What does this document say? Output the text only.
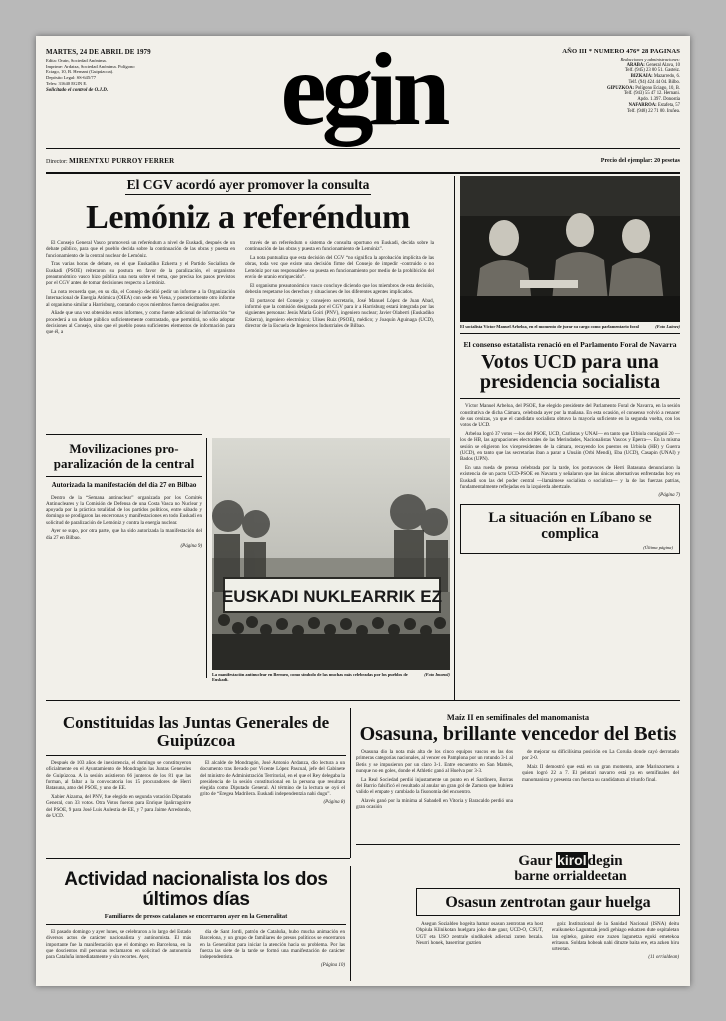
MARTES, 24 DE ABRIL DE 1979
Edita: Orain, Sociedad Anónima.
Imprime: Ardatza, Sociedad Anónima. Polígono
Eciago, 10, B. Hernani (Guipúzcoa).
Depósito Legal: SS-645/77
Telex: 31640 EGIN E.
Solicitado el control de O.J.D.	egin	AÑO III * NUMERO 476* 28 PAGINAS
Redacciones y administraciones:
ARABA: General Alava, 10
Telf. (945) 23 00 51. Gasteiz.
BIZKAIA: Mazarredo, 6.
Telf. (94) 424 44 04. Bilbo.
GIPUZKOA: Polígono Eciago, 10, B.
Telf. (943) 55 47 12. Hernani.
Apdo. 1.397. Donostia
NAFARROA: Estafeta, 57
Telf. (948) 22 71 00. Iruñea.
Director: MIRENTXU PURROY FERRER	Precio del ejemplar: 20 pesetas
El CGV acordó ayer promover la consulta
Lemóniz a referéndum

El Consejo General Vasco promoverá un referéndum a nivel de Euskadi, después de un debate público, para que el pueblo decida sobre la continuación de las obras y puesta en funcionamiento de la central nuclear de Lemóniz.

Tras varias horas de debate, en el que Euskadiko Ezkerra y el Partido Socialista de Euskadi (PSOE) reiteraron su postura en favor de la paralización, el organismo preautonómico vasco hizo pública una nota sobre el tema, que precisa los pasos previstos por el CGV antes de tomar decisiones respecto a Lemóniz.

La nota recuerda que, en su día, el Consejo decidió pedir un informe a la Organización Internacional de Energía Atómica (OIEA) con sede en Viena, y posteriormente otro informe al organismo similar a Harrisburg, contando cuyos miembros fueron designados ayer.

Añade que una vez obtenidos estos informes, y como fuente adicional de información “se procederá a un debate público suficientemente contrastado, que permitirá, no sólo adoptar decisiones al Consejo, sino que el pueblo posea suficientes elementos de información para que él, a

través de un referéndum o sistema de consulta oportuno en Euskadi, decida sobre la continuación de las obras y puesta en funcionamiento de Lemóniz”.

La nota puntualiza que esta decisión del CGV “no significa la aprobación implícita de las obras, toda vez que existe una decisión firme del Consejo de impedir -contruido o no Lemóniz por sus responsables- su puesta en funcionamiento por medio de la prohibición del envío de uranio enriquecido”.

El organismo preautonómico vasco concluye diciendo que los miembros de esta decisión, deberán respetarse los derechos y situaciones de los diferentes agentes implicados.

El portavoz del Consejo y consejero secretario, José Manuel López de Juan Abad, informó que la comisión designada por el CGV para ir a Harrisburg estará integrada por las siguientes personas: Jesús María Goiri (PNV), ingeniero nuclear; Javier Olaberri (Euskadiko Ezkerra), ingeniero electrónico; Ulises Ruiz (PSOE), médico; y Joaquín Aguinaga (UCD), director de la Escuela de Ingenieros Industriales de Bilbao.

Movilizaciones pro-paralización de la central
Autorizada la manifestación del día 27 en Bilbao

Dentro de la “Semana antinuclear” organizada por los Comités Antinucleares y la Comisión de Defensa de una Costa Vasca no Nuclear y apoyada por la práctica totalidad de los partidos políticos, entre sábado y domingo se prodigaron las encerronas y manifestaciones en todo Euskadi en solicitud de paralización de Lemóniz y contra la energía nuclear.

Ayer se supo, por otra parte, que ha sido autorizada la manifestación del día 27 en Bilbao.

(Página 9)
EUSKADI NUKLEARRIK EZ
(Foto Imanol)
La manifestación antinuclear en Bermeo, como símbolo de las muchas más celebradas por los pueblos de Euskadi.
(Foto Lainez)
El socialista Víctor Manuel Arbeloa, en el momento de jurar su cargo como parlamentario foral
El consenso estatalista renació en el Parlamento Foral de Navarra
Votos UCD para una presidencia socialista

Víctor Manuel Arbeloa, del PSOE, fue elegido presidente del Parlamento Foral de Navarra, en la sesión constitutiva de dicha Cámara, celebrada ayer por la mañana. En esta ocasión, el consenso volvió a renacer de sus cenizas, ya que el candidato socialista obtuvo la mayoría suficiente en la segunda vuelta, con los votos de UCD.

Arbeloa logró 37 votos —los del PSOE, UCD, Carlistas y UNAI— en tanto que Urbiola consiguió 20 —los de HB, las agrupaciones electorales de las Merindades, Nacionalistas Vascos y Eperra—. En la misma sesión se eligieron los vicepresidentes de la cámara, recayendo los puestos en Urbiola (HB) y Guerra (UCD), en tanto que las secretarías iban a parar a Unsáin (Orbi Mendi), Eba (UCD), Casapin (UNAI) y Bados (UPN).

En una rueda de prensa celebrada por la tarde, los portavoces de Herri Batasuna denunciaron la existencia de un pacto UCD-PSOE en Navarra y señalaron que las únicas alternativas enfrentadas hoy en Euskadi son las del poder central —llamámese socialista o socialista— y la de las fuerzas patrias, fundamentalmente reflejadas en la izquierda abertzale.

(Página 7)
La situación en Líbano se complica
(Última página)
Constituidas las Juntas Generales de Guipúzcoa

Después de 103 años de inexistencia, el domingo se constituyeron oficialmente en el Ayuntamiento de Mondragón las Juntas Generales de Guipúzcoa. A la sesión asistieron 66 junteros de los 81 que las forman, al faltar a la convocatoria los 15 procuradores de Herri Batasuna, amo del PSOE, y uno de EE.

Xabier Aizarna, del PNV, fue elegido en segunda votación Diputado General, con 33 votos. Otra Votos fueron para Enrique Ipañrragoirre del PSOE, 9 para José Luis Aulestia de EE, y 7 para Jaime Arredondo, de UCD.

El alcalde de Mondragón, José Antonio Ardanza, dio lectura a un documento tras llevado por Vicente López Pascual, jefe del Gabinete del ministro de Administración Territorial, en el que el Rey delegaba la presidencia de la sesión constitucional en la persona que resultara elegida como Diputado General. Al término de la lectura se oyó el grito de “Eregea Madrilera. Euskadi independentzia nahi dugu”.

(Página 8)
Maíz II en semifinales del manomanista
Osasuna, brillante vencedor del Betis

Osasuna dio la nota más alta de los cinco equipos vascos en las dos primeras categorías nacionales, al vencer en Pamplona por un rotundo 3-1 al Betis y se impusieron por un claro 3-1. Entre encuentro en San Mamés, nunque no en goles, donde el Athletic ganó al Huelva por 3-3.

La Real Sociedad perdió injustamente un punto en el Sardinero, Borras del Barrio falsificó el resultado al anular un gran gol de Zamora que hubiera valido el empate y cambiado la fisonomía del encuentro.

Alavés ganó por la mínima al Sabadell en Vitoria y Baracaldo perdió una gran ocasión

de mejorar su dificilísima posición en La Coruña donde cayó derrotado por 2-0.

Maíz II demostró que está en un gran momento, ante Marinzornetu a quien logró 22 a 7. El pelotari navarro está ya en semifinales del manomanista y presenta con fuerza su candidatura al triunfo final.

Actividad nacionalista los dos últimos días
Familiares de presos catalanes se encerraron ayer en la Generalitat

El pasado domingo y ayer lunes, se celebraron a lo largo del Estado diversos actos de carácter nacionalista y autónomista. El más importante fue la manifestación que el domingo en Barcelona, en la que doscientos mil personas reclamaron en solicitud de autonomía para Cataluña inmediatamente y sin recortes. Ayer,

día de Sant Jordi, patrón de Cataluña, hubo mucha animación en Barcelona, y un grupo de familiares de presos políticos se encerraron en la Generalitat para iniciar la atención hacia su problema. Por las fuerza las siete de la tarde se formó una manifestación de carácter independentista.

(Página 10)
Gaur kiroldegin
barne orrialdeetan
Osasun zentrotan gaur huelga

Asegun Sozialdeo hogeita hamar osasun zentrotan eta host Ohpiula Klinikotan huelgara joko dute gaur, UCD-O, CSUT, UGT eta USO zentrale sindikalek adierazi zuten bezala. Neurri honek, baserritar guztien

goiz Instituzional de la Sanidad Nacional (ISNA) deitu eraikuneko Laguntzak jendi gehiago eskatzen dute ospitaletan lan egiteko, gainez eze zuzen lagunetza egoki emetekoa eritasun. Soldata hobeak nahi dituzte baita ere, eta azken hiru urteotan.

(11 orrialdean)
